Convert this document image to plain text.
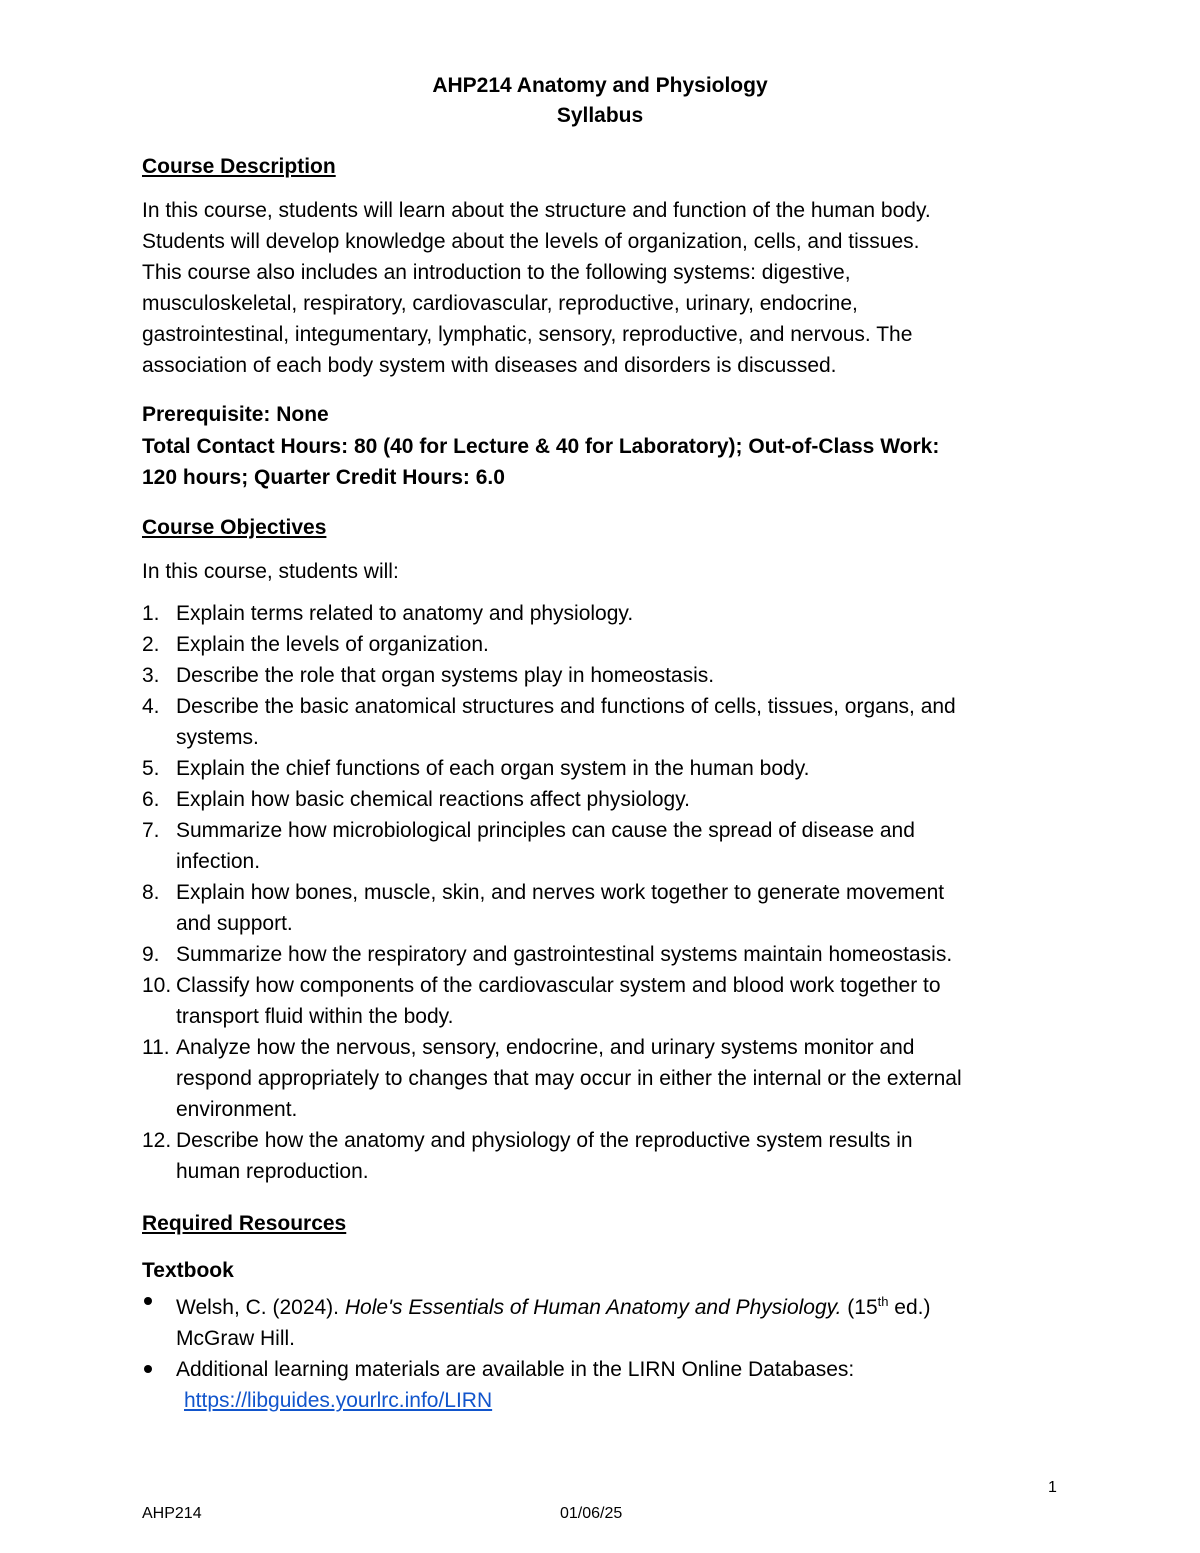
AHP214 Anatomy and Physiology
Syllabus
Course Description
In this course, students will learn about the structure and function of the human body.
Students will develop knowledge about the levels of organization, cells, and tissues.
This course also includes an introduction to the following systems: digestive,
musculoskeletal, respiratory, cardiovascular, reproductive, urinary, endocrine,
gastrointestinal, integumentary, lymphatic, sensory, reproductive, and nervous. The
association of each body system with diseases and disorders is discussed.
Prerequisite: None
Total Contact Hours: 80 (40 for Lecture & 40 for Laboratory); Out-of-Class Work:
120 hours; Quarter Credit Hours: 6.0
Course Objectives
In this course, students will:
1. Explain terms related to anatomy and physiology.
2. Explain the levels of organization.
3. Describe the role that organ systems play in homeostasis.
4. Describe the basic anatomical structures and functions of cells, tissues, organs, and
systems.
5. Explain the chief functions of each organ system in the human body.
6. Explain how basic chemical reactions affect physiology.
7. Summarize how microbiological principles can cause the spread of disease and
infection.
8. Explain how bones, muscle, skin, and nerves work together to generate movement
and support.
9. Summarize how the respiratory and gastrointestinal systems maintain homeostasis.
10. Classify how components of the cardiovascular system and blood work together to
transport fluid within the body.
11. Analyze how the nervous, sensory, endocrine, and urinary systems monitor and
respond appropriately to changes that may occur in either the internal or the external
environment.
12. Describe how the anatomy and physiology of the reproductive system results in
human reproduction.
Required Resources
Textbook
Welsh, C. (2024). Hole's Essentials of Human Anatomy and Physiology. (15th ed.)
McGraw Hill.
Additional learning materials are available in the LIRN Online Databases:
https://libguides.yourlrc.info/LIRN
1
AHP214	01/06/25
